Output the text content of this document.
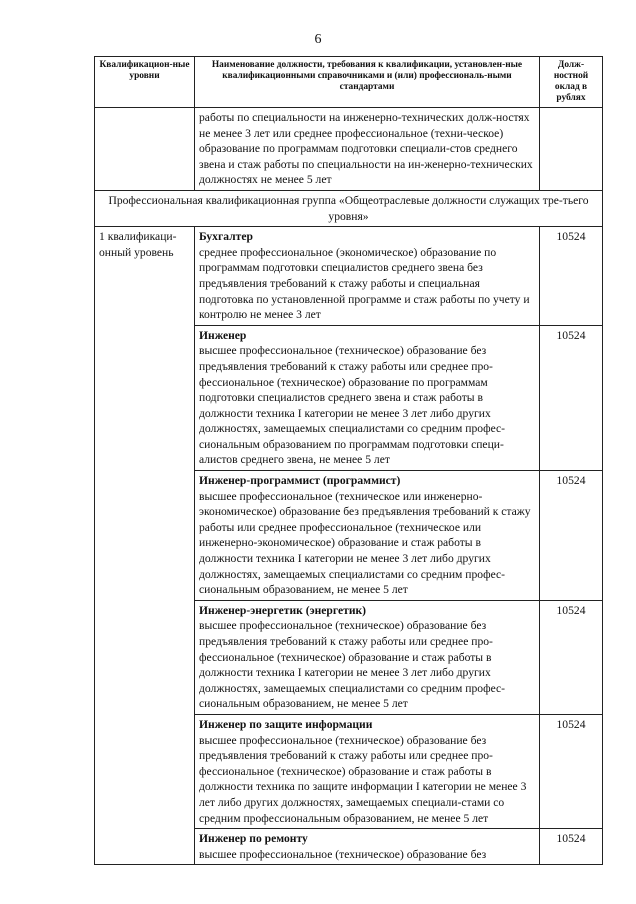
6
Квалификацион-ные уровни	Наименование должности, требования к квалификации, установлен-ные квалификационными справочниками и (или) профессиональ-ными стандартами	Долж-ностной оклад в рублях

	работы по специальности на инженерно-технических долж-ностях не менее 3 лет или среднее профессиональное (техни-ческое) образование по программам подготовки специали-стов среднего звена и стаж работы по специальности на ин-женерно-технических должностях не менее 5 лет	

Профессиональная квалификационная группа «Общеотраслевые должности служащих тре-тьего уровня»		
1 квалификаци-онный уровень	Бухгалтер
среднее профессиональное (экономическое) образование по программам подготовки специалистов среднего звена без предъявления требований к стажу работы и специальная подготовка по установленной программе и стаж работы по учету и контролю не менее 3 лет	10524

	Инженер
высшее профессиональное (техническое) образование без предъявления требований к стажу работы или среднее про-фессиональное (техническое) образование по программам подготовки специалистов среднего звена и стаж работы в должности техника I категории не менее 3 лет либо других должностях, замещаемых специалистами со средним профес-сиональным образованием по программам подготовки специ-алистов среднего звена, не менее 5 лет	10524

	Инженер-программист (программист)
высшее профессиональное (техническое или инженерно-экономическое) образование без предъявления требований к стажу работы или среднее профессиональное (техническое или инженерно-экономическое) образование и стаж работы в должности техника I категории не менее 3 лет либо других должностях, замещаемых специалистами со средним профес-сиональным образованием, не менее 5 лет	10524

	Инженер-энергетик (энергетик)
высшее профессиональное (техническое) образование без предъявления требований к стажу работы или среднее про-фессиональное (техническое) образование и стаж работы в должности техника I категории не менее 3 лет либо других должностях, замещаемых специалистами со средним профес-сиональным образованием, не менее 5 лет	10524

	Инженер по защите информации
высшее профессиональное (техническое) образование без предъявления требований к стажу работы или среднее про-фессиональное (техническое) образование и стаж работы в должности техника по защите информации I категории не менее 3 лет либо других должностях, замещаемых специали-стами со средним профессиональным образованием, не менее 5 лет	10524

	Инженер по ремонту
высшее профессиональное (техническое) образование без	10524
